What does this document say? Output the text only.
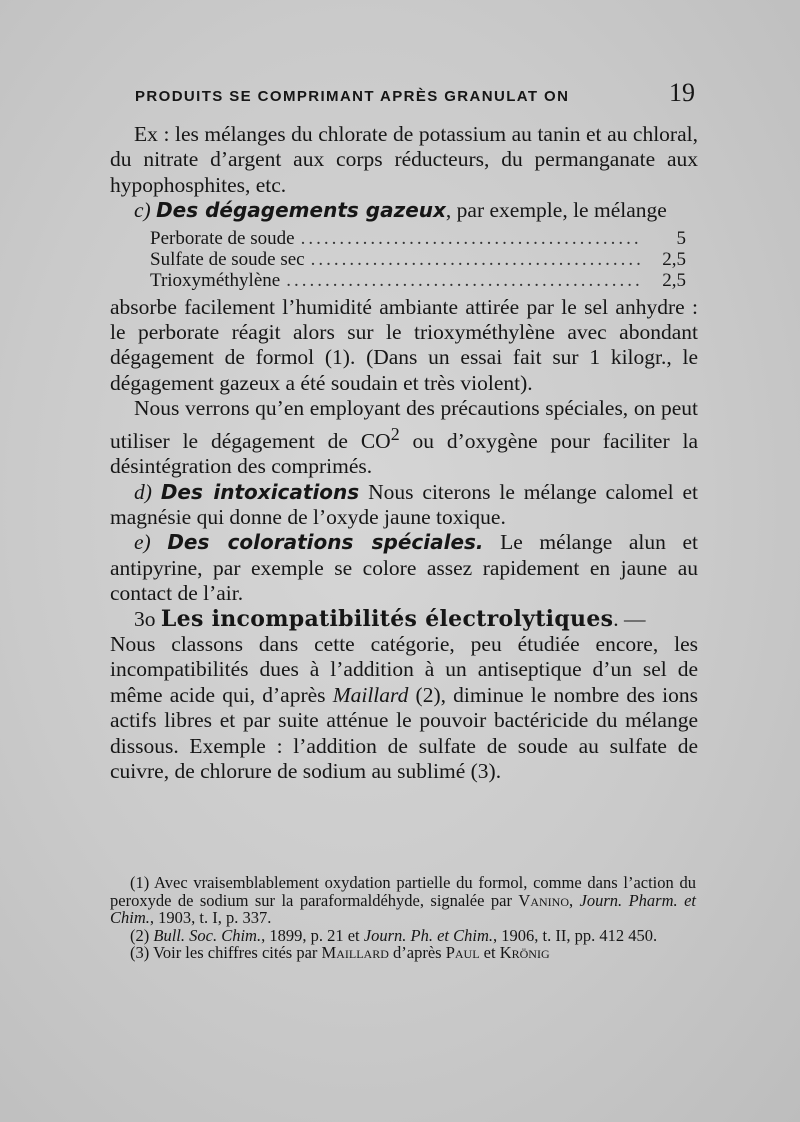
PRODUITS SE COMPRIMANT APRÈS GRANULAT ON	19

Ex : les mélanges du chlorate de potassium au tanin et au chloral, du nitrate d’argent aux corps réducteurs, du permanganate aux hypophosphites, etc.

c) Des dégagements gazeux, par exemple, le mélange

Perborate de soude .....	5
Sulfate de soude sec .....	2,5
Trioxyméthylène .....	2,5

absorbe facilement l’humidité ambiante attirée par le sel anhydre : le perborate réagit alors sur le trioxyméthylène avec abondant dégagement de formol (1). (Dans un essai fait sur 1 kilogr., le dégagement gazeux a été soudain et très violent).

Nous verrons qu’en employant des précautions spéciales, on peut utiliser le dégagement de $CO^2$ ou d’oxygène pour faciliter la désintégration des comprimés.

d) Des intoxications Nous citerons le mélange calomel et magnésie qui donne de l’oxyde jaune toxique.

e) Des colorations spéciales. Le mélange alun et antipyrine, par exemple se colore assez rapidement en jaune au contact de l’air.

3o Les incompatibilités électrolytiques. —

Nous classons dans cette catégorie, peu étudiée encore, les incompatibilités dues à l’addition à un antiseptique d’un sel de même acide qui, d’après Maillard (2), diminue le nombre des ions actifs libres et par suite atténue le pouvoir bactéricide du mélange dissous. Exemple : l’addition de sulfate de soude au sulfate de cuivre, de chlorure de sodium au sublimé (3).

(1) Avec vraisemblablement oxydation partielle du formol, comme dans l’action du peroxyde de sodium sur la paraformaldéhyde, signalée par Vanino, Journ. Pharm. et Chim., 1903, t. I, p. 337.

(2) Bull. Soc. Chim., 1899, p. 21 et Journ. Ph. et Chim., 1906, t. II, pp. 412 450.

(3) Voir les chiffres cités par Maillard d’après Paul et Krönig
